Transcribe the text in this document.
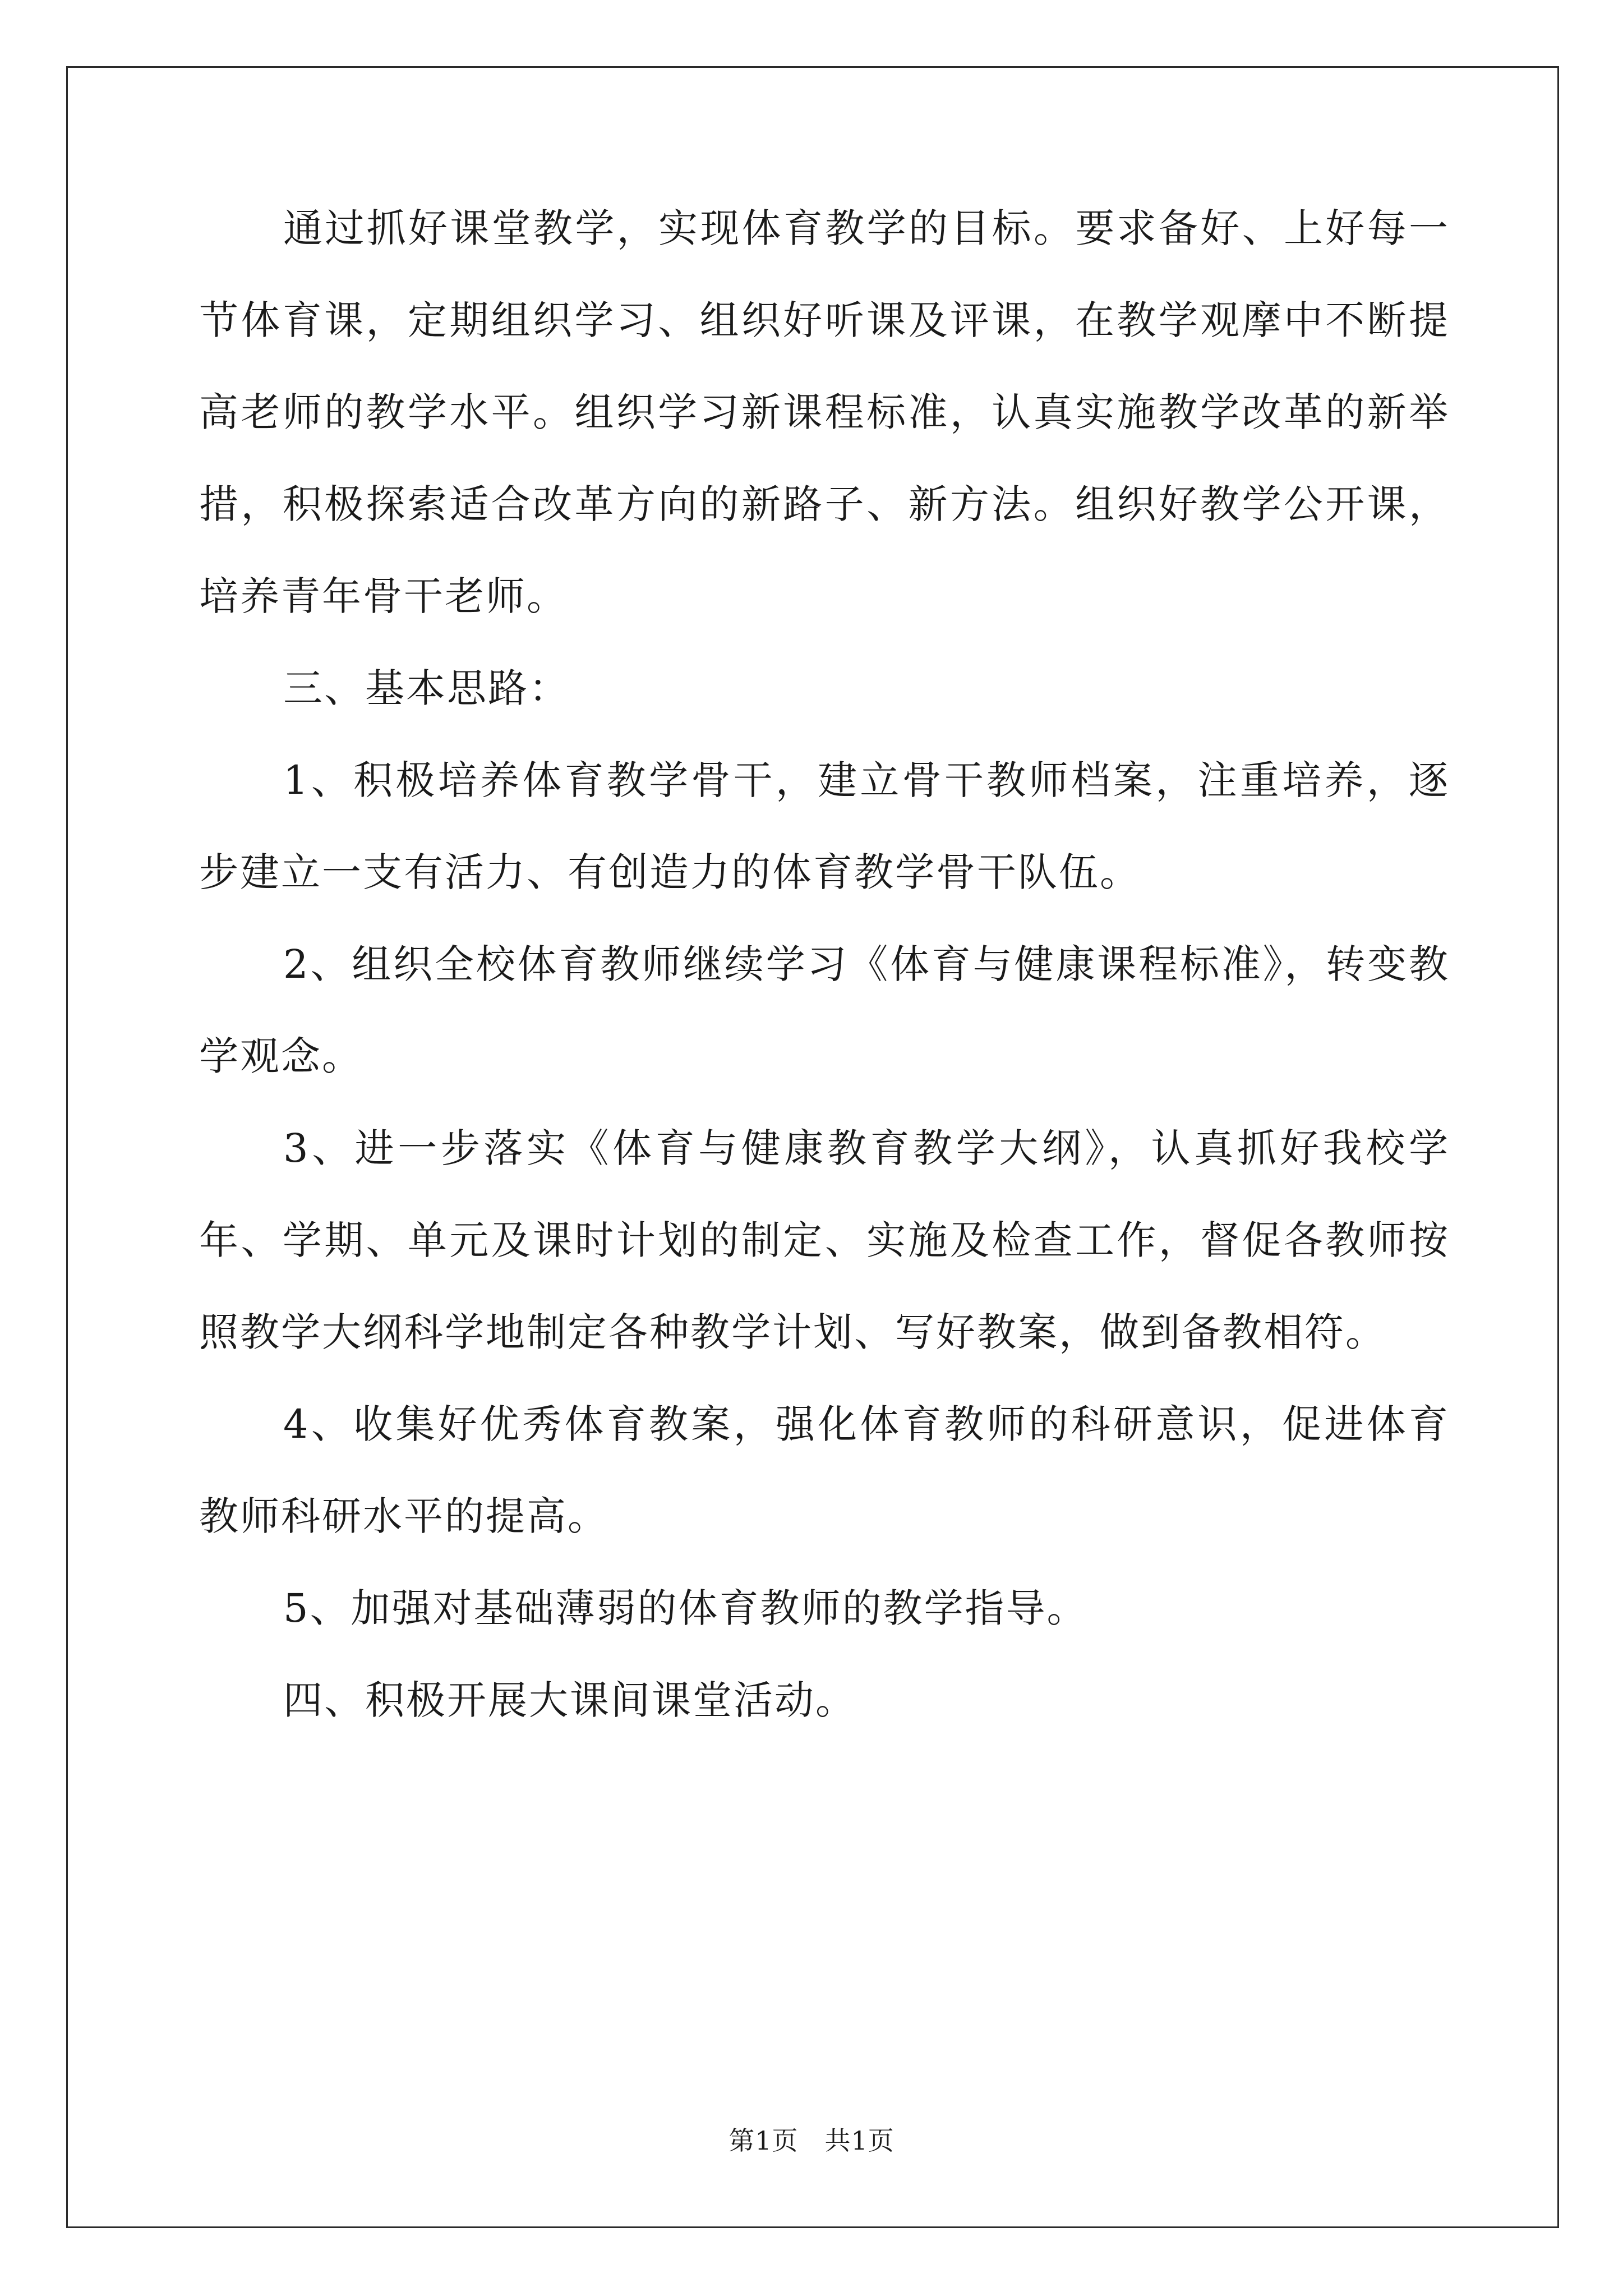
通过抓好课堂教学，实现体育教学的目标。要求备好、上好每一节体育课，定期组织学习、组织好听课及评课，在教学观摩中不断提高老师的教学水平。组织学习新课程标准，认真实施教学改革的新举措，积极探索适合改革方向的新路子、新方法。组织好教学公开课，培养青年骨干老师。

三、基本思路：

1、积极培养体育教学骨干，建立骨干教师档案，注重培养，逐步建立一支有活力、有创造力的体育教学骨干队伍。

2、组织全校体育教师继续学习《体育与健康课程标准》，转变教学观念。

3、进一步落实《体育与健康教育教学大纲》，认真抓好我校学年、学期、单元及课时计划的制定、实施及检查工作，督促各教师按照教学大纲科学地制定各种教学计划、写好教案，做到备教相符。

4、收集好优秀体育教案，强化体育教师的科研意识，促进体育教师科研水平的提高。

5、加强对基础薄弱的体育教师的教学指导。

四、积极开展大课间课堂活动。

第1页　共1页
